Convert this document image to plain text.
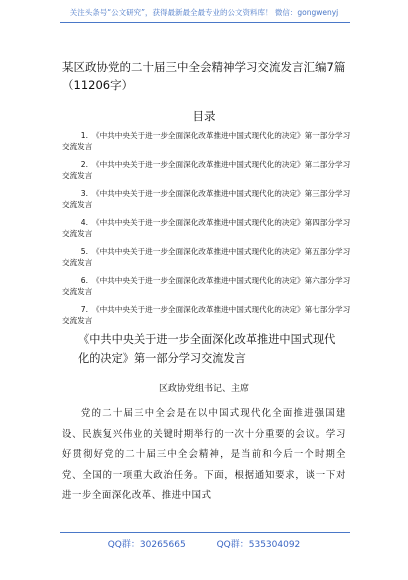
关注头条号“公文研究”，获得最新最全最专业的公文资料库！ 微信：gongwenyj
某区政协党的二十届三中全会精神学习交流发言汇编7篇（11206字）
目录
1. 《中共中央关于进一步全面深化改革推进中国式现代化的决定》第一部分学习交流发言
2. 《中共中央关于进一步全面深化改革推进中国式现代化的决定》第二部分学习交流发言
3. 《中共中央关于进一步全面深化改革推进中国式现代化的决定》第三部分学习交流发言
4. 《中共中央关于进一步全面深化改革推进中国式现代化的决定》第四部分学习交流发言
5. 《中共中央关于进一步全面深化改革推进中国式现代化的决定》第五部分学习交流发言
6. 《中共中央关于进一步全面深化改革推进中国式现代化的决定》第六部分学习交流发言
7. 《中共中央关于进一步全面深化改革推进中国式现代化的决定》第七部分学习交流发言
《中共中央关于进一步全面深化改革推进中国式现代化的决定》第一部分学习交流发言
区政协党组书记、主席

党的二十届三中全会是在以中国式现代化全面推进强国建设、民族复兴伟业的关键时期举行的一次十分重要的会议。学习好贯彻好党的二十届三中全会精神，是当前和今后一个时期全党、全国的一项重大政治任务。下面，根据通知要求，谈一下对进一步全面深化改革、推进中国式

QQ群：30265665	QQ群：535304092
